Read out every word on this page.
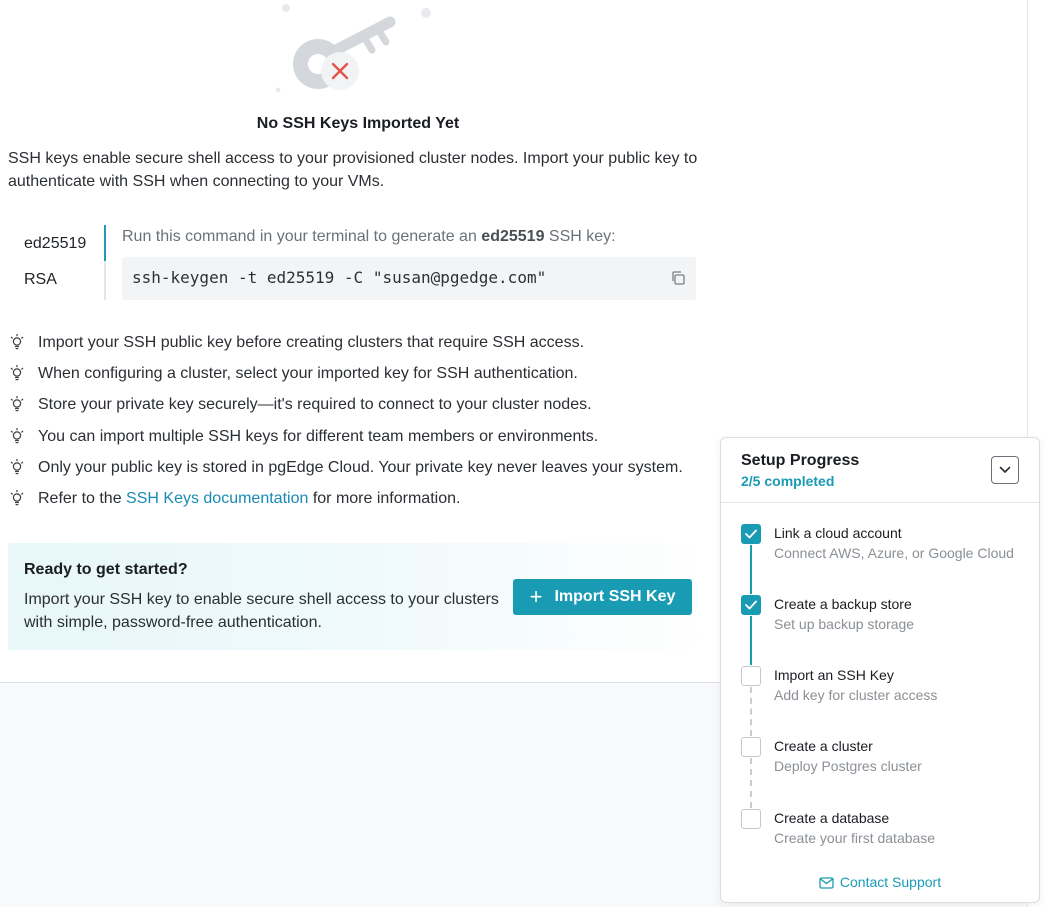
No SSH Keys Imported Yet

SSH keys enable secure shell access to your provisioned cluster nodes. Import your public key to authenticate with SSH when connecting to your VMs.

ed25519
RSA
Run this command in your terminal to generate an ed25519 SSH key:
ssh-keygen -t ed25519 -C "susan@pgedge.com"
Import your SSH public key before creating clusters that require SSH access.
When configuring a cluster, select your imported key for SSH authentication.
Store your private key securely—it's required to connect to your cluster nodes.
You can import multiple SSH keys for different team members or environments.
Only your public key is stored in pgEdge Cloud. Your private key never leaves your system.
Refer to the SSH Keys documentation for more information.
Ready to get started?

Import your SSH key to enable secure shell access to your clusters with simple, password-free authentication.

+ Import SSH Key
Setup Progress
2/5 completed
Link a cloud account
Connect AWS, Azure, or Google Cloud
Create a backup store
Set up backup storage
Import an SSH Key
Add key for cluster access
Create a cluster
Deploy Postgres cluster
Create a database
Create your first database
Contact Support
